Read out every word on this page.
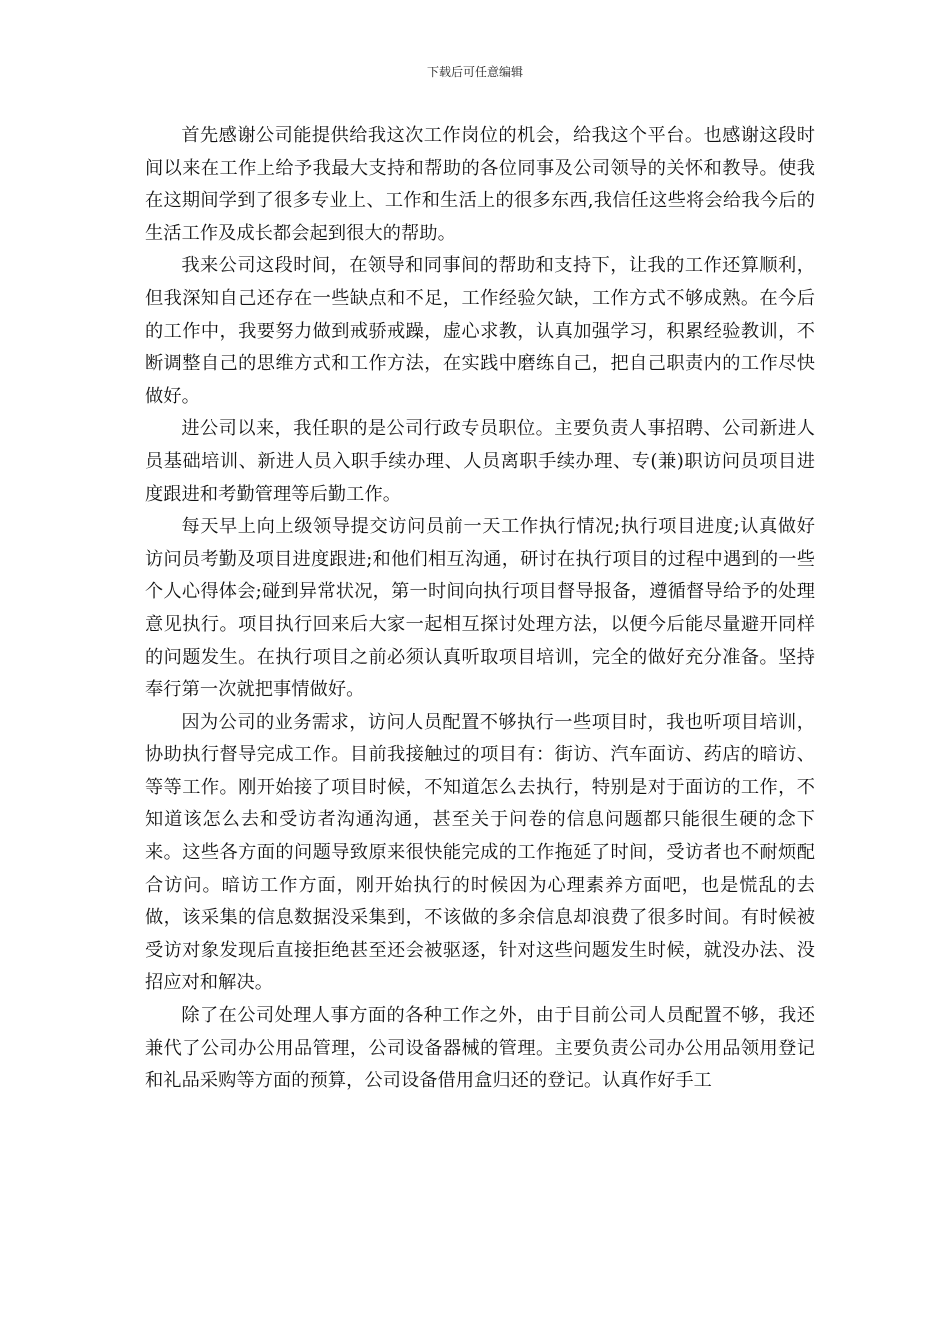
下载后可任意编辑

首先感谢公司能提供给我这次工作岗位的机会，给我这个平台。也感谢这段时间以来在工作上给予我最大支持和帮助的各位同事及公司领导的关怀和教导。使我在这期间学到了很多专业上、工作和生活上的很多东西,我信任这些将会给我今后的生活工作及成长都会起到很大的帮助。

我来公司这段时间，在领导和同事间的帮助和支持下，让我的工作还算顺利，但我深知自己还存在一些缺点和不足，工作经验欠缺，工作方式不够成熟。在今后的工作中，我要努力做到戒骄戒躁，虚心求教，认真加强学习，积累经验教训，不断调整自己的思维方式和工作方法，在实践中磨练自己，把自己职责内的工作尽快做好。

进公司以来，我任职的是公司行政专员职位。主要负责人事招聘、公司新进人员基础培训、新进人员入职手续办理、人员离职手续办理、专(兼)职访问员项目进度跟进和考勤管理等后勤工作。

每天早上向上级领导提交访问员前一天工作执行情况;执行项目进度;认真做好访问员考勤及项目进度跟进;和他们相互沟通，研讨在执行项目的过程中遇到的一些个人心得体会;碰到异常状况，第一时间向执行项目督导报备，遵循督导给予的处理意见执行。项目执行回来后大家一起相互探讨处理方法，以便今后能尽量避开同样的问题发生。在执行项目之前必须认真听取项目培训，完全的做好充分准备。坚持奉行第一次就把事情做好。

因为公司的业务需求，访问人员配置不够执行一些项目时，我也听项目培训，协助执行督导完成工作。目前我接触过的项目有：街访、汽车面访、药店的暗访、等等工作。刚开始接了项目时候，不知道怎么去执行，特别是对于面访的工作，不知道该怎么去和受访者沟通沟通，甚至关于问卷的信息问题都只能很生硬的念下来。这些各方面的问题导致原来很快能完成的工作拖延了时间，受访者也不耐烦配合访问。暗访工作方面，刚开始执行的时候因为心理素养方面吧，也是慌乱的去做，该采集的信息数据没采集到，不该做的多余信息却浪费了很多时间。有时候被受访对象发现后直接拒绝甚至还会被驱逐，针对这些问题发生时候，就没办法、没招应对和解决。

除了在公司处理人事方面的各种工作之外，由于目前公司人员配置不够，我还兼代了公司办公用品管理，公司设备器械的管理。主要负责公司办公用品领用登记和礼品采购等方面的预算，公司设备借用盒归还的登记。认真作好手工
